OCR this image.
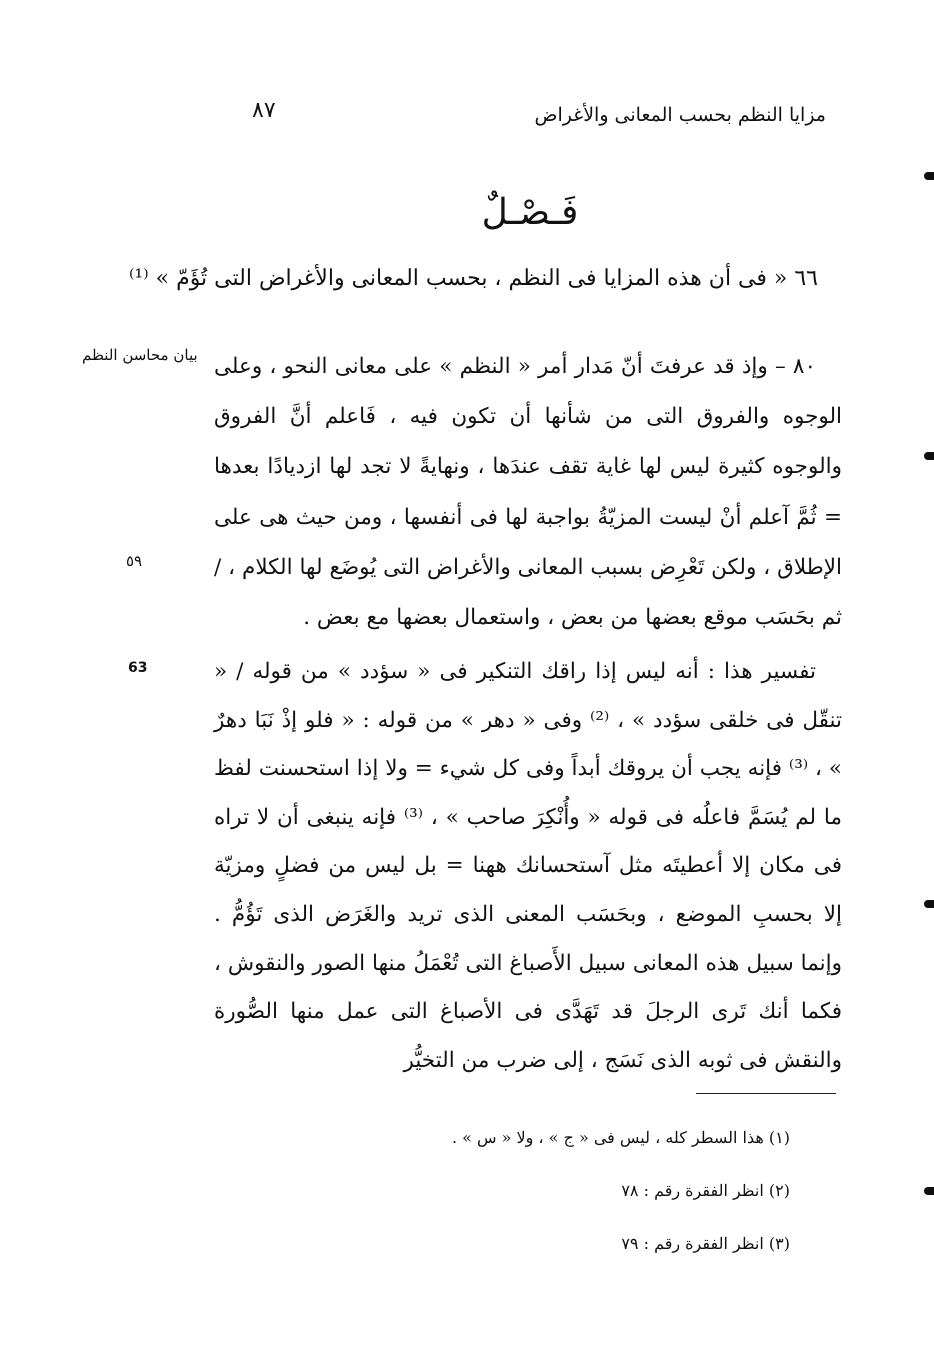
٨٧	مزايا النظم بحسب المعانى والأغراض
فَـصْـلٌ
٦٦ « فى أن هذه المزايا فى النظم ، بحسب المعانى والأغراض التى تُؤَمّ » ⁽¹⁾
بيان محاسن النظم
٥٩
63

٨٠ – وإذ قد عرفتَ أنّ مَدار أمر « النظم » على معانى النحو ، وعلى الوجوه والفروق التى من شأنها أن تكون فيه ، فَاعلم أنَّ الفروق والوجوه كثيرة ليس لها غاية تقف عندَها ، ونهايةً لا تجد لها ازديادًا بعدها = ثُمَّ آعلم أنْ ليست المزيّةُ بواجبة لها فى أنفسها ، ومن حيث هى على الإطلاق ، ولكن تَعْرِض بسبب المعانى والأغراض التى يُوضَع لها الكلام ، / ثم بحَسَب موقع بعضها من بعض ، واستعمال بعضها مع بعض .

تفسير هذا : أنه ليس إذا راقك التنكير فى « سؤدد » من قوله / « تنقّل فى خلقى سؤدد » ، ⁽²⁾ وفى « دهر » من قوله : « فلو إذْ نَبَا دهرٌ » ، ⁽³⁾ فإنه يجب أن يروقك أبداً وفى كل شيء = ولا إذا استحسنت لفظ ما لم يُسَمَّ فاعلُه فى قوله « وأُنْكِرَ صاحب » ، ⁽³⁾ فإنه ينبغى أن لا تراه فى مكان إلا أعطيتَه مثل آستحسانك ههنا = بل ليس من فضلٍ ومزيّة إلا بحسبِ الموضع ، وبحَسَب المعنى الذى تريد والغَرَض الذى تَؤُمُّ . وإنما سبيل هذه المعانى سبيل الأَصباغ التى تُعْمَلُ منها الصور والنقوش ، فكما أنك تَرى الرجلَ قد تَهَدَّى فى الأصباغ التى عمل منها الصُّورة والنقش فى ثوبه الذى نَسَج ، إلى ضرب من التخيُّر

(١) هذا السطر كله ، ليس فى « ج » ، ولا « س » .
(٢) انظر الفقرة رقم : ٧٨
(٣) انظر الفقرة رقم : ٧٩
